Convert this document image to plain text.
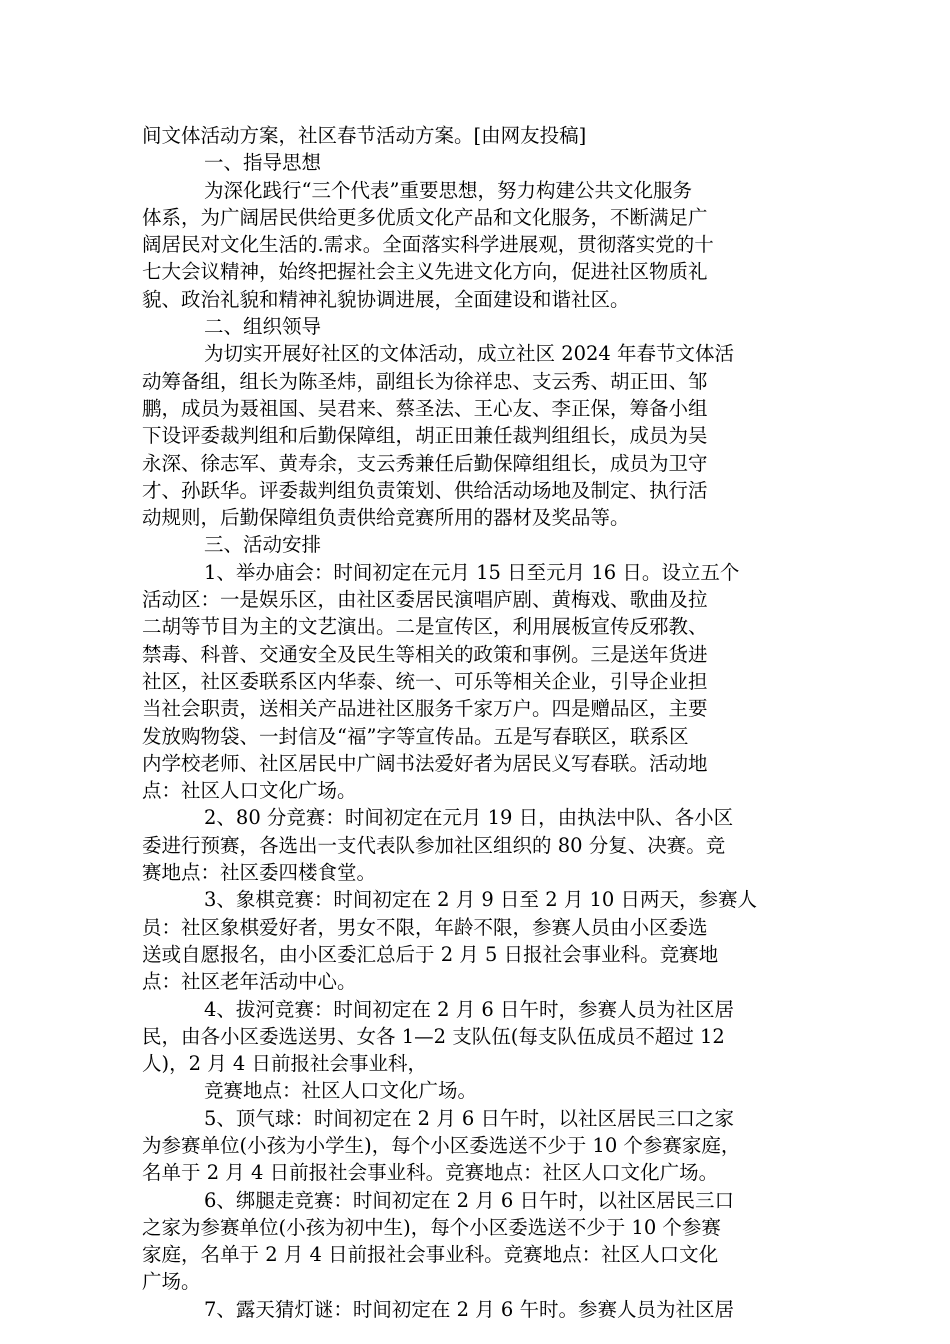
间文体活动方案，社区春节活动方案。[由网友投稿]
一、指导思想
为深化践行“三个代表”重要思想，努力构建公共文化服务
体系，为广阔居民供给更多优质文化产品和文化服务，不断满足广
阔居民对文化生活的.需求。全面落实科学进展观，贯彻落实党的十
七大会议精神，始终把握社会主义先进文化方向，促进社区物质礼
貌、政治礼貌和精神礼貌协调进展，全面建设和谐社区。
二、组织领导
为切实开展好社区的文体活动，成立社区 2024 年春节文体活
动筹备组，组长为陈圣炜，副组长为徐祥忠、支云秀、胡正田、邹
鹏，成员为聂祖国、吴君来、蔡圣法、王心友、李正保，筹备小组
下设评委裁判组和后勤保障组，胡正田兼任裁判组组长，成员为吴
永深、徐志军、黄寿余，支云秀兼任后勤保障组组长，成员为卫守
才、孙跃华。评委裁判组负责策划、供给活动场地及制定、执行活
动规则，后勤保障组负责供给竞赛所用的器材及奖品等。
三、活动安排
1、举办庙会：时间初定在元月 15 日至元月 16 日。设立五个
活动区：一是娱乐区，由社区委居民演唱庐剧、黄梅戏、歌曲及拉
二胡等节目为主的文艺演出。二是宣传区，利用展板宣传反邪教、
禁毒、科普、交通安全及民生等相关的政策和事例。三是送年货进
社区，社区委联系区内华泰、统一、可乐等相关企业，引导企业担
当社会职责，送相关产品进社区服务千家万户。四是赠品区，主要
发放购物袋、一封信及“福”字等宣传品。五是写春联区，联系区
内学校老师、社区居民中广阔书法爱好者为居民义写春联。活动地
点：社区人口文化广场。
2、80 分竞赛：时间初定在元月 19 日，由执法中队、各小区
委进行预赛，各选出一支代表队参加社区组织的 80 分复、决赛。竞
赛地点：社区委四楼食堂。
3、象棋竞赛：时间初定在 2 月 9 日至 2 月 10 日两天，参赛人
员：社区象棋爱好者，男女不限，年龄不限，参赛人员由小区委选
送或自愿报名，由小区委汇总后于 2 月 5 日报社会事业科。竞赛地
点：社区老年活动中心。
4、拔河竞赛：时间初定在 2 月 6 日午时，参赛人员为社区居
民，由各小区委选送男、女各 1—2 支队伍(每支队伍成员不超过 12
人)，2 月 4 日前报社会事业科，
竞赛地点：社区人口文化广场。
5、顶气球：时间初定在 2 月 6 日午时，以社区居民三口之家
为参赛单位(小孩为小学生)，每个小区委选送不少于 10 个参赛家庭，
名单于 2 月 4 日前报社会事业科。竞赛地点：社区人口文化广场。
6、绑腿走竞赛：时间初定在 2 月 6 日午时，以社区居民三口
之家为参赛单位(小孩为初中生)，每个小区委选送不少于 10 个参赛
家庭，名单于 2 月 4 日前报社会事业科。竞赛地点：社区人口文化
广场。
7、露天猜灯谜：时间初定在 2 月 6 午时。参赛人员为社区居
